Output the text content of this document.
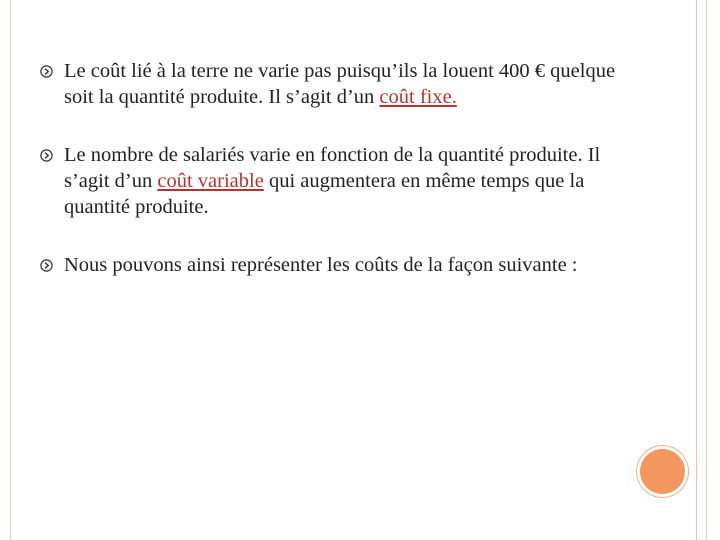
Le coût lié à la terre ne varie pas puisqu’ils la louent 400 € quelque soit la quantité produite. Il s’agit d’un coût fixe.
Le nombre de salariés varie en fonction de la quantité produite. Il s’agit d’un coût variable qui augmentera en même temps que la quantité produite.
Nous pouvons ainsi représenter les coûts de la façon suivante :
